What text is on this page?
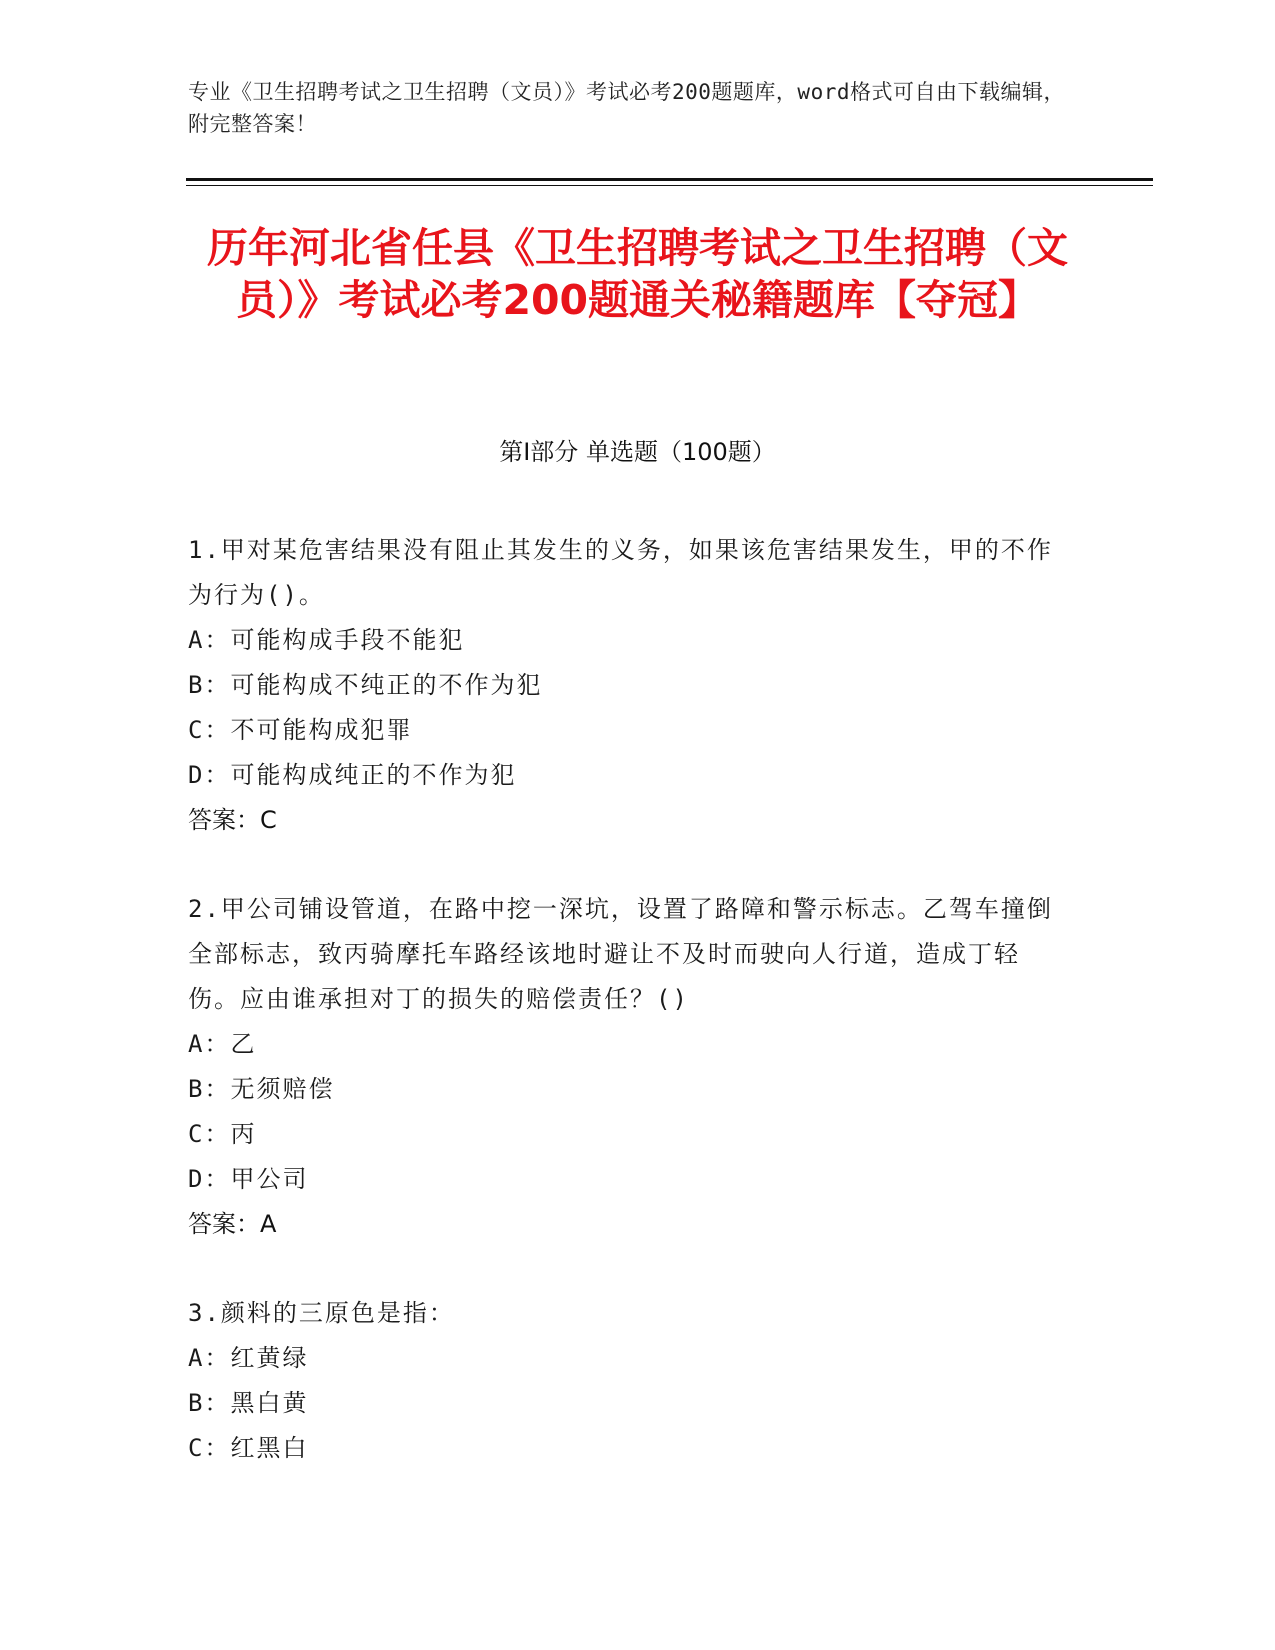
专业《卫生招聘考试之卫生招聘（文员）》考试必考200题题库，word格式可自由下载编辑，附完整答案！
历年河北省任县《卫生招聘考试之卫生招聘（文员）》考试必考200题通关秘籍题库【夺冠】
第I部分 单选题（100题）
1.甲对某危害结果没有阻止其发生的义务，如果该危害结果发生，甲的不作为行为()。
A：可能构成手段不能犯
B：可能构成不纯正的不作为犯
C：不可能构成犯罪
D：可能构成纯正的不作为犯
答案：C
2.甲公司铺设管道，在路中挖一深坑，设置了路障和警示标志。乙驾车撞倒全部标志，致丙骑摩托车路经该地时避让不及时而驶向人行道，造成丁轻伤。应由谁承担对丁的损失的赔偿责任？()
A：乙
B：无须赔偿
C：丙
D：甲公司
答案：A
3.颜料的三原色是指：
A：红黄绿
B：黑白黄
C：红黑白
